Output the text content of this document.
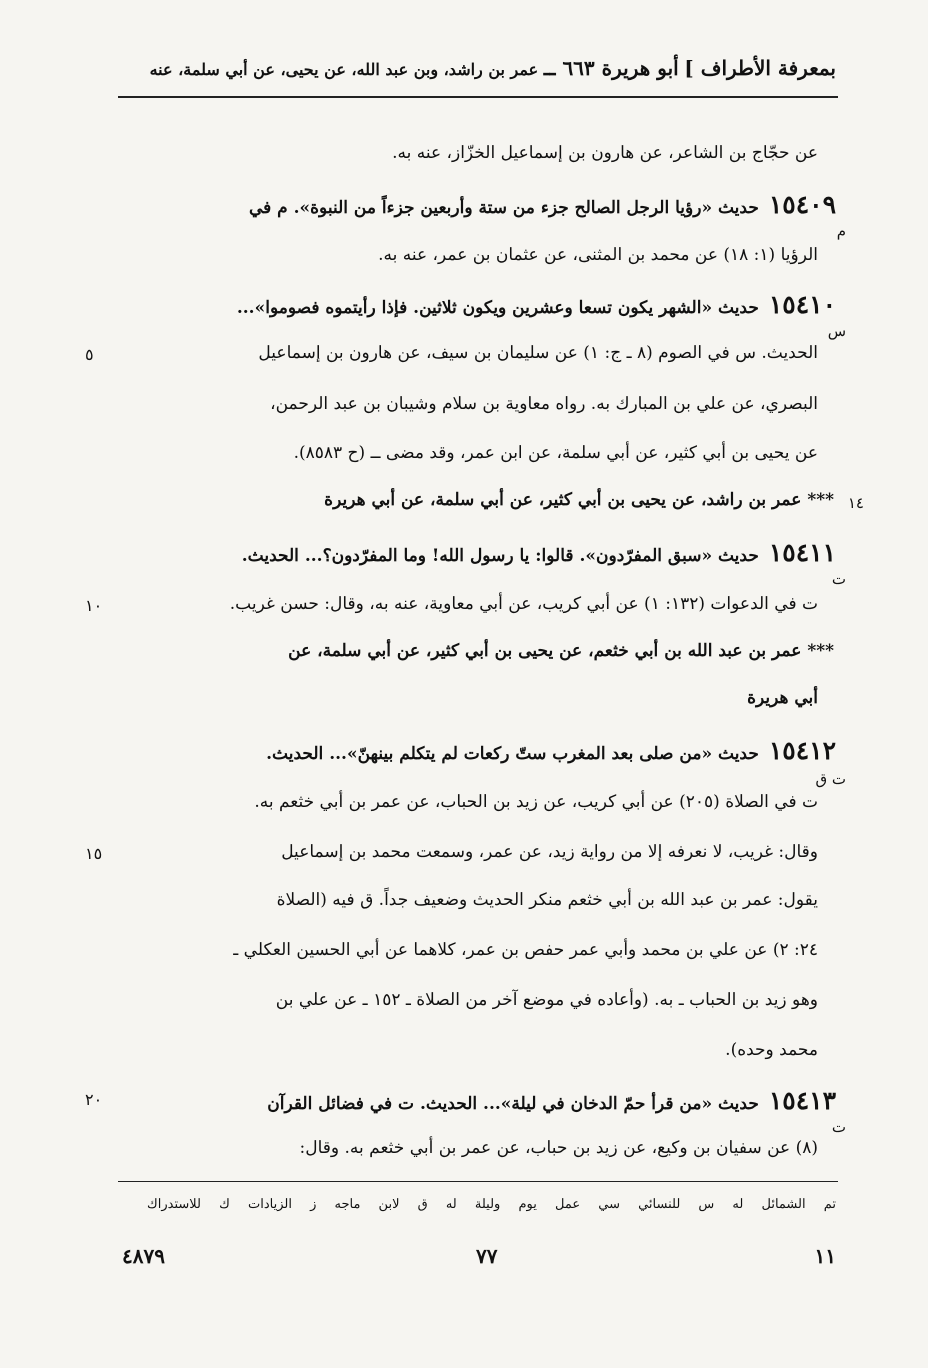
بمعرفة الأطراف ] أبو هريرة ٦٦٣ ــ عمر بن راشد، وبن عبد الله، عن يحيى، عن أبي سلمة، عنه
عن حجّاج بن الشاعر، عن هارون بن إسماعيل الخزّاز، عنه به.
١٥٤٠٩حديث «رؤيا الرجل الصالح جزء من ستة وأربعين جزءاً من النبوة». م في
م
الرؤيا (١: ١٨) عن محمد بن المثنى، عن عثمان بن عمر، عنه به.
١٥٤١٠حديث «الشهر يكون تسعا وعشرين ويكون ثلاثين. فإذا رأيتموه فصوموا»...
س
الحديث. س في الصوم (٨ ـ ج: ١) عن سليمان بن سيف، عن هارون بن إسماعيل
٥
البصري، عن علي بن المبارك به. رواه معاوية بن سلام وشيبان بن عبد الرحمن،
عن يحيى بن أبي كثير، عن أبي سلمة، عن ابن عمر، وقد مضى ــ (ح ٨٥٨٣).
*** عمر بن راشد، عن يحيى بن أبي كثير، عن أبي سلمة، عن أبي هريرة ١٤
١٥٤١١حديث «سبق المفرّدون». قالوا: يا رسول الله! وما المفرّدون؟... الحديث.
ت
ت في الدعوات (١٣٢: ١) عن أبي كريب، عن أبي معاوية، عنه به، وقال: حسن غريب.
١٠
*** عمر بن عبد الله بن أبي خثعم، عن يحيى بن أبي كثير، عن أبي سلمة، عن
أبي هريرة
١٥٤١٢حديث «من صلى بعد المغرب ستّ ركعات لم يتكلم بينهنّ»... الحديث.
ت ق
ت في الصلاة (٢٠٥) عن أبي كريب، عن زيد بن الحباب، عن عمر بن أبي خثعم به.
وقال: غريب، لا نعرفه إلا من رواية زيد، عن عمر، وسمعت محمد بن إسماعيل
١٥
يقول: عمر بن عبد الله بن أبي خثعم منكر الحديث وضعيف جداً. ق فيه (الصلاة
٢٤: ٢) عن علي بن محمد وأبي عمر حفص بن عمر، كلاهما عن أبي الحسين العكلي ـ
وهو زيد بن الحباب ـ به. (وأعاده في موضع آخر من الصلاة ـ ١٥٢ ـ عن علي بن
محمد وحده).
١٥٤١٣حديث «من قرأ حمّ الدخان في ليلة»... الحديث. ت في فضائل القرآن
٢٠
ت
(٨) عن سفيان بن وكيع، عن زيد بن حباب، عن عمر بن أبي خثعم به. وقال:
تم الشمائل له س للنسائي سي عمل يوم وليلة له ق لابن ماجه ز الزيادات ك للاستدراك
١١
٧٧
٤٨٧٩
